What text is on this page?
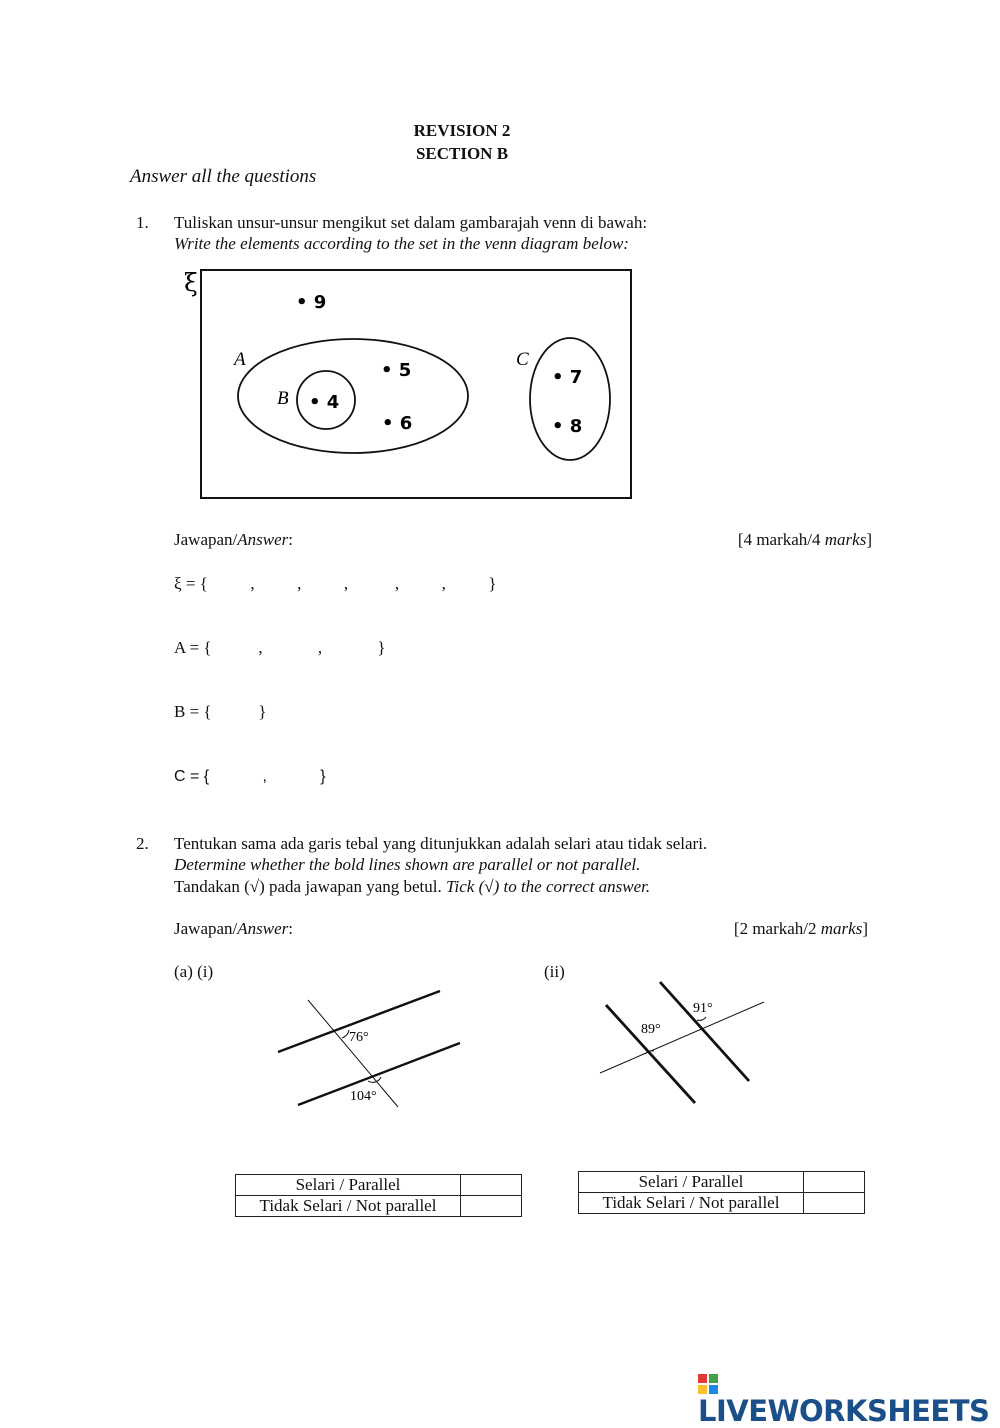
REVISION 2
SECTION B
Answer all the questions
1. Tuliskan unsur-unsur mengikut set dalam gambarajah venn di bawah:
Write the elements according to the set in the venn diagram below:
ξ
A
B
C
• 9
• 5
• 4
• 6
• 7
• 8
Jawapan/Answer:	[4 markah/4 marks]
ξ = {          ,          ,          ,           ,          ,          }
A = {           ,             ,             }
B = {           }
C = {            ,            }
2. Tentukan sama ada garis tebal yang ditunjukkan adalah selari atau tidak selari.
Determine whether the bold lines shown are parallel or not parallel.
Tandakan (√) pada jawapan yang betul. Tick (√) to the correct answer.
Jawapan/Answer:	[2 markah/2 marks]
(a) (i)	(ii)
76°
104°
89°
91°
Selari / Parallel	
Tidak Selari / Not parallel	
Selari / Parallel	
Tidak Selari / Not parallel	
LIVEWORKSHEETS
